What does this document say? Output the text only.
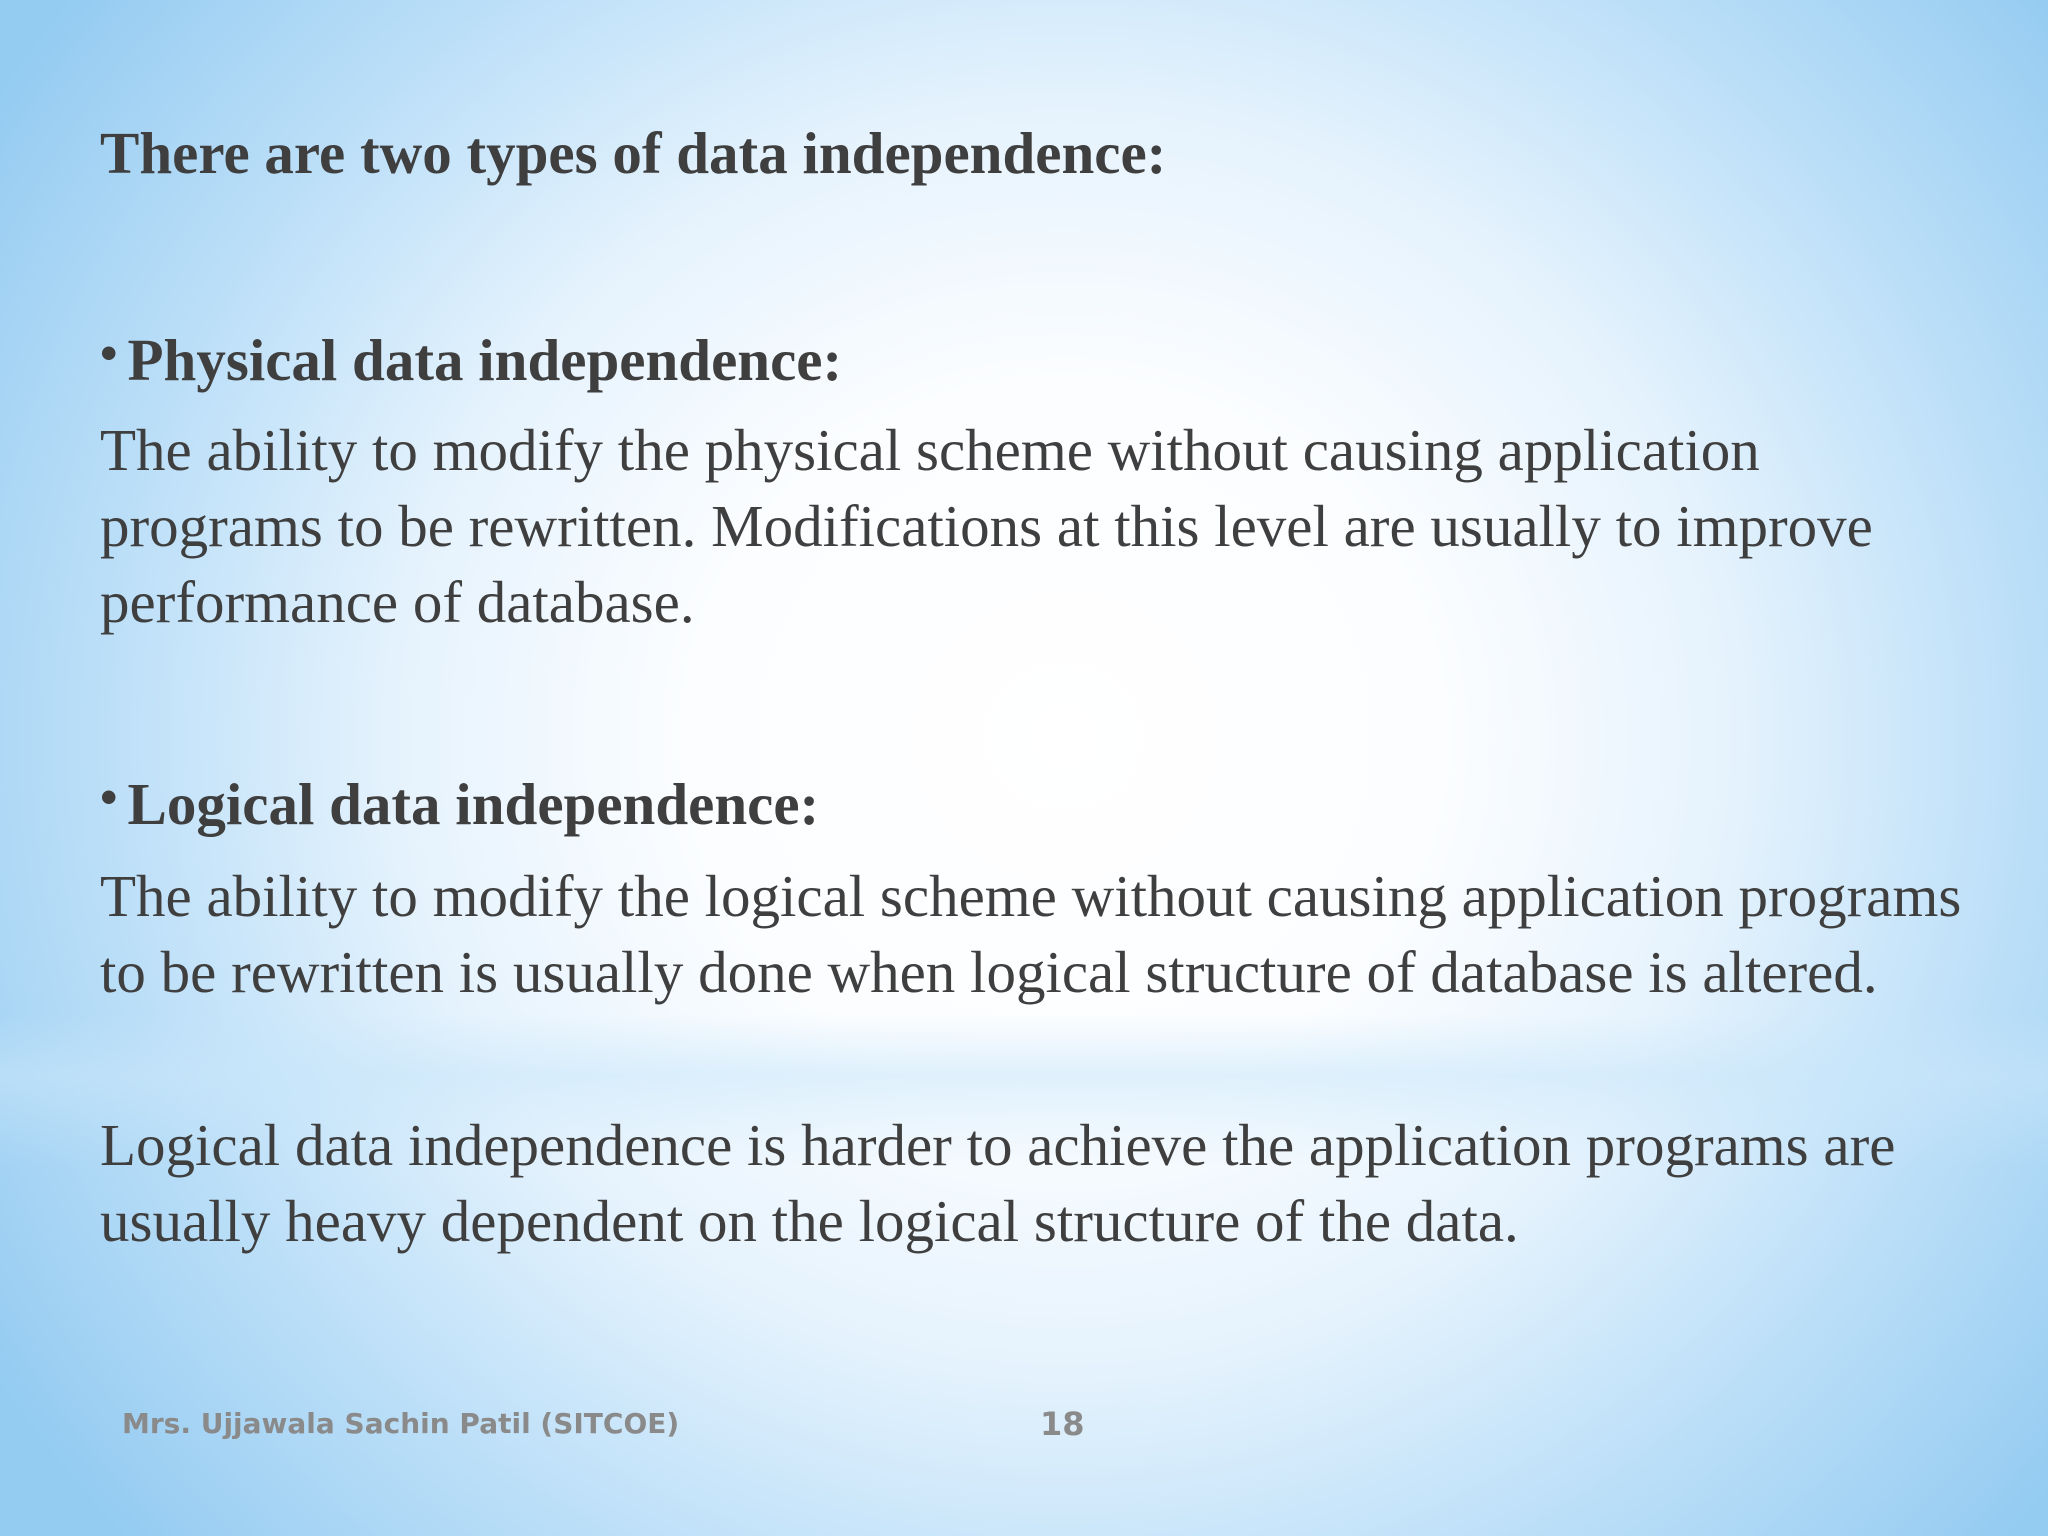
There are two types of data independence:
• Physical data independence:

The ability to modify the physical scheme without causing application programs to be rewritten. Modifications at this level are usually to improve performance of database.

• Logical data independence:

The ability to modify the logical scheme without causing application programs to be rewritten is usually done when logical structure of database is altered.

Logical data independence is harder to achieve the application programs are usually heavy dependent on the logical structure of the data.

Mrs. Ujjawala Sachin Patil (SITCOE)	18
